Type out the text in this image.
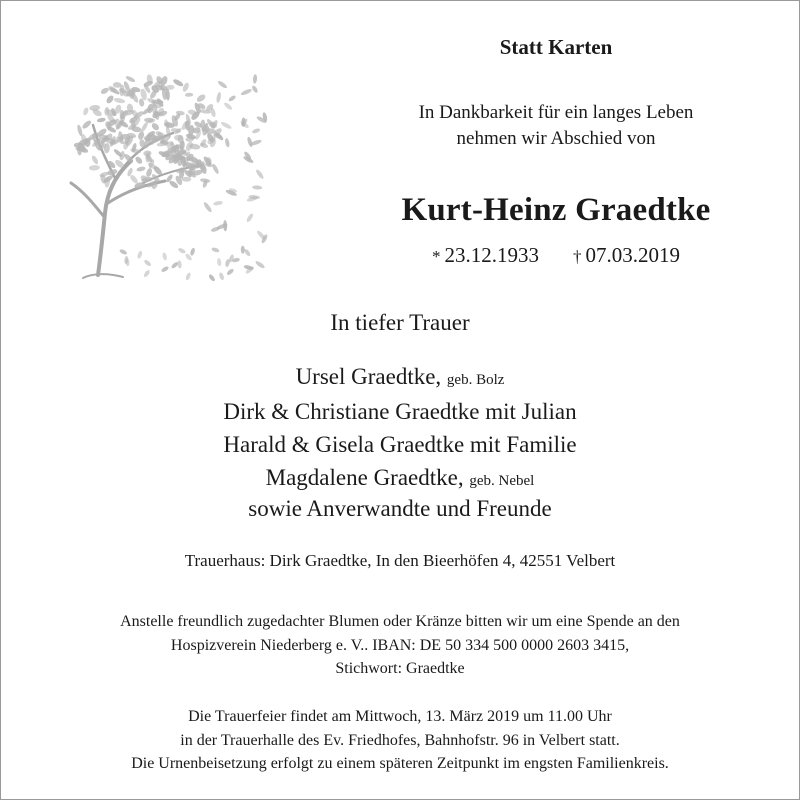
Statt Karten
In Dankbarkeit für ein langes Leben
nehmen wir Abschied von
Kurt-Heinz Graedtke
* 23.12.1933 † 07.03.2019
In tiefer Trauer
Ursel Graedtke, geb. Bolz
Dirk & Christiane Graedtke mit Julian
Harald & Gisela Graedtke mit Familie
Magdalene Graedtke, geb. Nebel
sowie Anverwandte und Freunde
Trauerhaus: Dirk Graedtke, In den Bieerhöfen 4, 42551 Velbert
Anstelle freundlich zugedachter Blumen oder Kränze bitten wir um eine Spende an den
Hospizverein Niederberg e. V.. IBAN: DE 50 334 500 0000 2603 3415,
Stichwort: Graedtke
Die Trauerfeier findet am Mittwoch, 13. März 2019 um 11.00 Uhr
in der Trauerhalle des Ev. Friedhofes, Bahnhofstr. 96 in Velbert statt.
Die Urnenbeisetzung erfolgt zu einem späteren Zeitpunkt im engsten Familienkreis.
